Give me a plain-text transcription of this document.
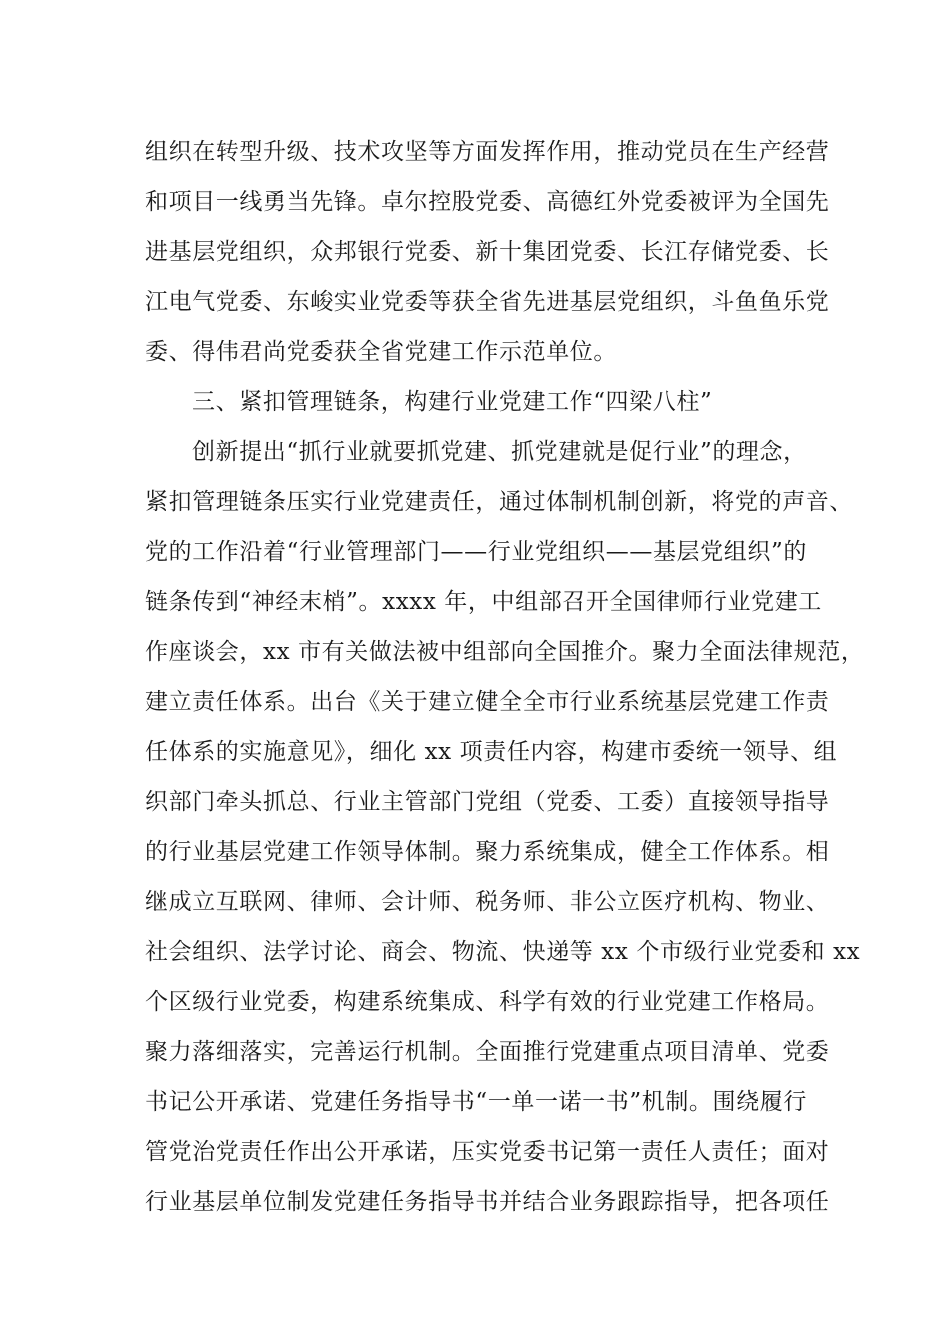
组织在转型升级、技术攻坚等方面发挥作用，推动党员在生产经营
和项目一线勇当先锋。卓尔控股党委、高德红外党委被评为全国先
进基层党组织，众邦银行党委、新十集团党委、长江存储党委、长
江电气党委、东峻实业党委等获全省先进基层党组织，斗鱼鱼乐党
委、得伟君尚党委获全省党建工作示范单位。
三、紧扣管理链条，构建行业党建工作“四梁八柱”
创新提出“抓行业就要抓党建、抓党建就是促行业”的理念，
紧扣管理链条压实行业党建责任，通过体制机制创新，将党的声音、
党的工作沿着“行业管理部门——行业党组织——基层党组织”的
链条传到“神经末梢”。xxxx 年，中组部召开全国律师行业党建工
作座谈会，xx 市有关做法被中组部向全国推介。聚力全面法律规范，
建立责任体系。出台《关于建立健全全市行业系统基层党建工作责
任体系的实施意见》，细化 xx 项责任内容，构建市委统一领导、组
织部门牵头抓总、行业主管部门党组（党委、工委）直接领导指导
的行业基层党建工作领导体制。聚力系统集成，健全工作体系。相
继成立互联网、律师、会计师、税务师、非公立医疗机构、物业、
社会组织、法学讨论、商会、物流、快递等 xx 个市级行业党委和 xx
个区级行业党委，构建系统集成、科学有效的行业党建工作格局。
聚力落细落实，完善运行机制。全面推行党建重点项目清单、党委
书记公开承诺、党建任务指导书“一单一诺一书”机制。围绕履行
管党治党责任作出公开承诺，压实党委书记第一责任人责任；面对
行业基层单位制发党建任务指导书并结合业务跟踪指导，把各项任
